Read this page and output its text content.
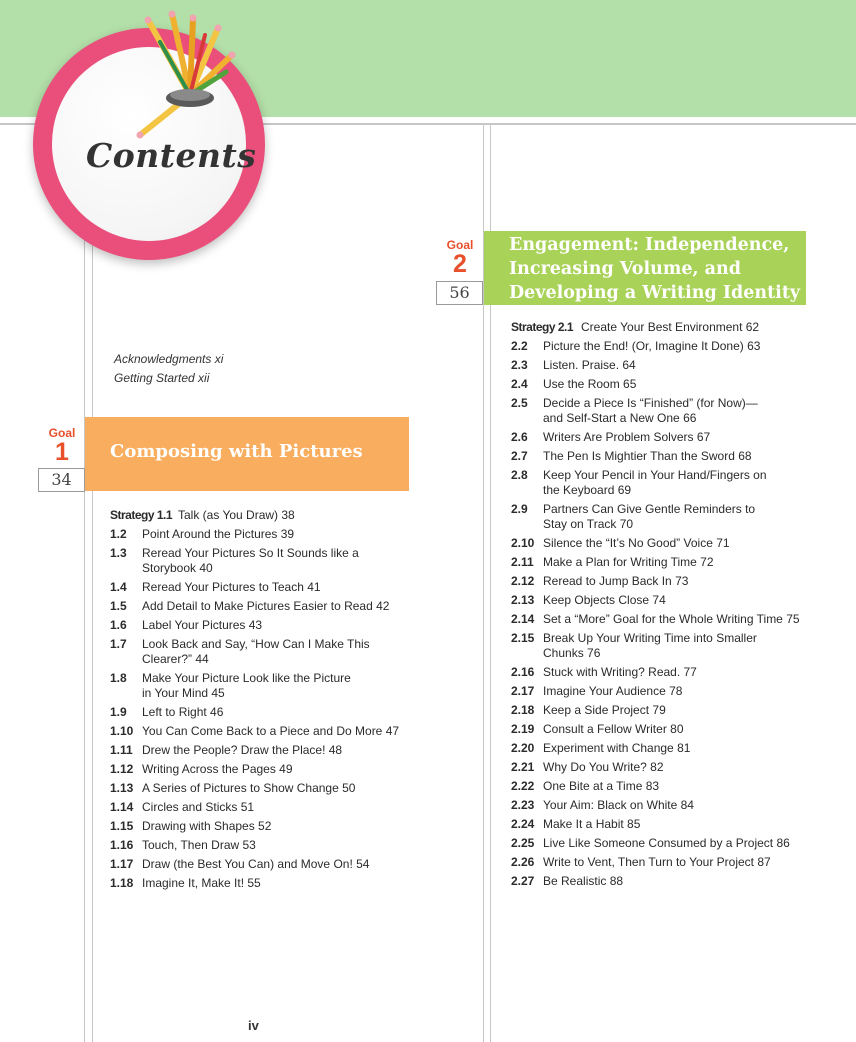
Contents
Acknowledgments xi
Getting Started xii
Goal
1
34
Composing with Pictures
Goal
2
56
Engagement: Independence,
Increasing Volume, and
Developing a Writing Identity
Strategy 1.1 Talk (as You Draw) 38
1.2	Point Around the Pictures 39
1.3	Reread Your Pictures So It Sounds like a
Storybook 40
1.4	Reread Your Pictures to Teach 41
1.5	Add Detail to Make Pictures Easier to Read 42
1.6	Label Your Pictures 43
1.7	Look Back and Say, “How Can I Make This
Clearer?” 44
1.8	Make Your Picture Look like the Picture
in Your Mind 45
1.9	Left to Right 46
1.10 You Can Come Back to a Piece and Do More 47
1.11 Drew the People? Draw the Place! 48
1.12 Writing Across the Pages 49
1.13 A Series of Pictures to Show Change 50
1.14 Circles and Sticks 51
1.15 Drawing with Shapes 52
1.16 Touch, Then Draw 53
1.17 Draw (the Best You Can) and Move On! 54
1.18 Imagine It, Make It! 55
Strategy 2.1 Create Your Best Environment 62
2.2	Picture the End! (Or, Imagine It Done) 63
2.3	Listen. Praise. 64
2.4	Use the Room 65
2.5	Decide a Piece Is “Finished” (for Now)—
and Self-Start a New One 66
2.6	Writers Are Problem Solvers 67
2.7	The Pen Is Mightier Than the Sword 68
2.8	Keep Your Pencil in Your Hand/Fingers on
the Keyboard 69
2.9	Partners Can Give Gentle Reminders to
Stay on Track 70
2.10 Silence the “It’s No Good” Voice 71
2.11 Make a Plan for Writing Time 72
2.12 Reread to Jump Back In 73
2.13 Keep Objects Close 74
2.14 Set a “More” Goal for the Whole Writing Time 75
2.15 Break Up Your Writing Time into Smaller
Chunks 76
2.16 Stuck with Writing? Read. 77
2.17 Imagine Your Audience 78
2.18 Keep a Side Project 79
2.19 Consult a Fellow Writer 80
2.20 Experiment with Change 81
2.21 Why Do You Write? 82
2.22 One Bite at a Time 83
2.23 Your Aim: Black on White 84
2.24 Make It a Habit 85
2.25 Live Like Someone Consumed by a Project 86
2.26 Write to Vent, Then Turn to Your Project 87
2.27 Be Realistic 88
iv
